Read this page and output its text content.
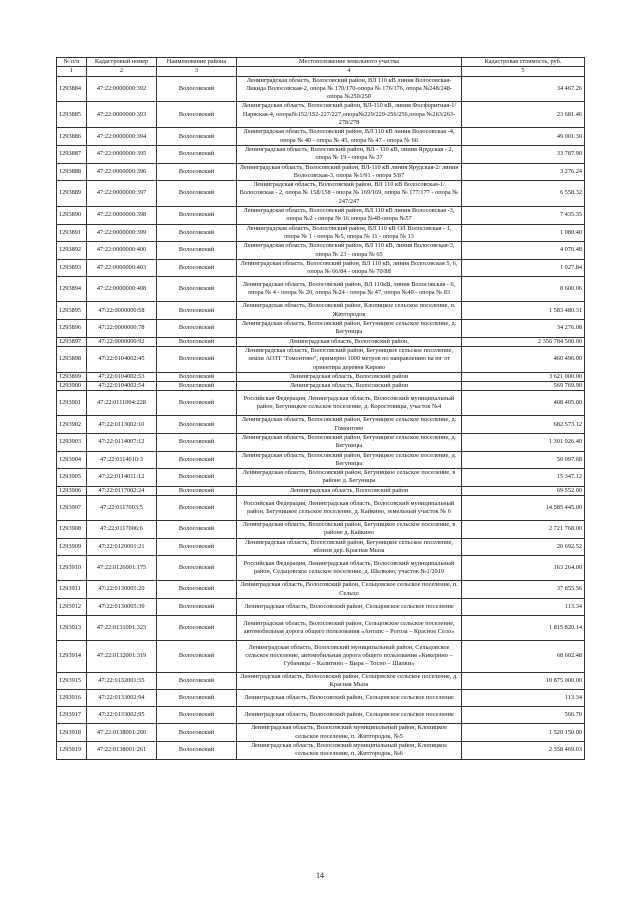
№ п/п	Кадастровый номер	Наименование района	Местоположение земельного участка	Кадастровая стоимость, руб.
1	2	3	4	5
1293884	47:22:0000000:392	Волосовский	Ленинградская область, Волосовский район, ВЛ 110 кВ линия Волосовская-Ликида Волосовская-2, опора № 170/170-опора № 176/176, опора №248/248-опора №250/250	34 467.26
1293885	47:22:0000000:393	Волосовский	Ленинградская область, Волосовский район, ВЛ-110 кВ, линия Фосфоритная-1/Нарвская-4, опора№152/152-227/227,опора№229/229-256/256,опора №263/263-278/278	23 681.46
1293886	47:22:0000000:394	Волосовский	Ленинградская область, Волосовский район, ВЛ 110 кВ линия Волосовская -4, опора № 40 - опора № 45, опора № 47 - опора № 66	49 001.30
1293887	47:22:0000000:395	Волосовский	Ленинградская область, Волосовский район, ВЛ - 110 кВ, линия Ярудская - 2, опора № 19 - опора № 37	33 787.90
1293888	47:22:0000000:396	Волосовский	Ленинградская область, Волосовский район, ВЛ-110 кВ линия Ярудская-2/ линия Волосовская-3, опора №1/91 - опора 5/87	3 276.24
1293889	47:22:0000000:397	Волосовский	Ленинградская область, Волосовский район, ВЛ 110 кВ Волосовская-1/Волосовская - 2, опора № 158/158 - опора № 169/169, опора № 177/177 - опора № 247/247	6 558.32
1293890	47:22:0000000:398	Волосовский	Ленинградская область, Волосовский район, ВЛ 110 кВ линия Волосовская -3, опора №2 - опора № 16 опора №48-опора №57	7 435.35
1293891	47:22:0000000:399	Волосовский	Ленинградская область, Волосовский район, ВЛ 110 кВ ОЛ Волосовская - 1, опора № 1 - опора №5, опора № 11 - опора № 13	1 080.40
1293892	47:22:0000000:400	Волосовский	Ленинградская область, Волосовский район, ВЛ 110 кВ, линия Волосовская-3, опора № 23 - опора № 65	4 070.48
1293893	47:22:0000000:403	Волосовский	Ленинградская область, Волосовский район, ВЛ 110 кВ, линия Волосовская 5, 6, опора № 66/84 - опора № 70/88	1 027.84
1293894	47:22:0000000:408	Волосовский	Ленинградская область, Волосовский район, ВЛ 110кВ, линия Волосовская - 6, опора № 4 - опора № 20, опора №24 - опора № 47, опора №49 - опора № 83	8 600.06
1293895	47:22:0000000:58	Волосовский	Ленинградская область, Волосовский район, Клопицкое сельское поселение, п. Житгородок	1 583 480.31
1293896	47:22:0000000:78	Волосовский	Ленинградская область, Волосовский район, Бегуницкое сельское поселение, д. Бегуницы	34 276.08
1293897	47:22:0000000:92	Волосовский	Ленинградская область, Волосовский район,	2 356 784 500.00
1293898	47:22:0104002:45	Волосовский	Ленинградская область, Волосовский район, Бегуницкое сельское поселение, земли АОЗТ "Гомонтово", примерно 1000 метров по направлению на юг от ориентира деревня Кирово	460 496.00
1293899	47:22:0104002:53	Волосовский	Ленинградская область, Волосовский район	3 621 000.00
1293900	47:22:0104002:54	Волосовский	Ленинградская область, Волосовский район	569 769.90
1293901	47:22:0111004:228	Волосовский	Российская Федерация, Ленинградская область, Волосовский муниципальный район, Бегуницкое сельское поселение, д. Коростовицы, участок №4	408 405.00
1293902	47:22:0113002:10	Волосовский	Ленинградская область, Волосовский район, Бегуницкое сельское поселение, д. Гомонтово	682 573.12
1293903	47:22:0114007:12	Волосовский	Ленинградская область, Волосовский район, Бегуницкое сельское поселение, д. Бегуницы	1 301 926.40
1293904	47:22:0114010:3	Волосовский	Ленинградская область, Волосовский район, Бегуницкое сельское поселение, д. Бегуницы	50 097.68
1293905	47:22:0114011:12	Волосовский	Ленинградская область, Волосовский район, Бегуницкое сельское поселение, в районе д. Бегуницы	15 347.12
1293906	47:22:0117002:24	Волосовский	Ленинградская область, Волосовский район	69 552.00
1293907	47:22:0117003:5	Волосовский	Российская Федерация, Ленинградская область, Волосовский муниципальный район, Бегуницкое сельское поселение, д. Кайкино, земельный участок № 6	14 585 445.00
1293908	47:22:0117006:6	Волосовский	Ленинградская область, Волосовский район, Бегуницкое сельское поселение, в районе д. Кайкино	2 721 768.00
1293909	47:22:0120001:21	Волосовский	Ленинградская область, Волосовский район, Бегуницкое сельское поселение, вблизи дер. Красная Мыза	20 692.52
1293910	47:22:0126001:175	Волосовский	Российская Федерация, Ленинградская область, Волосовский муниципальный район, Сельцовское сельское поселение, д. Шелково, участок №1/2019	163 264.00
1293911	47:22:0130005:20	Волосовский	Ленинградская область, Волосовский район, Сельцовское сельское поселение, п. Сельцо	37 855.56
1293912	47:22:0130005:39	Волосовский	Ленинградская область, Волосовский район, Сельцовское сельское поселение	113.34
1293913	47:22:0131001:323	Волосовский	Ленинградская область, Волосовский район, Сельцовское сельское поселение, автомобильная дорога общего пользования «Антапс – Рогоза – Красное Село»	1 815 820.14
1293914	47:22:0132001:319	Волосовский	Ленинградская область, Волосовский муниципальный район, Сельцовское сельское поселение, автомобильная дорога общего пользования «Кикерино – Губаницы – Калитино – Выра – Тосно – Шапки»	68 602.48
1293915	47:22:0132001:55	Волосовский	Ленинградская область, Волосовский район, Сельцовское сельское поселение, д. Красная Мыза	10 875 000.00
1293916	47:22:0133002:94	Волосовский	Ленинградская область, Волосовский район, Сельцовское сельское поселение	113.34
1293917	47:22:0133002:95	Волосовский	Ленинградская область, Волосовский район, Сельцовское сельское поселение	566.70
1293918	47:22:0138001:260	Волосовский	Ленинградская область, Волосовский муниципальный район, Клопицкое сельское поселение, п. Житгородок, №5	1 520 150.00
1293919	47:22:0138001:261	Волосовский	Ленинградская область, Волосовский муниципальный район, Клопицкое сельское поселение, п. Житгородок, №6	2 358 469.03
14
